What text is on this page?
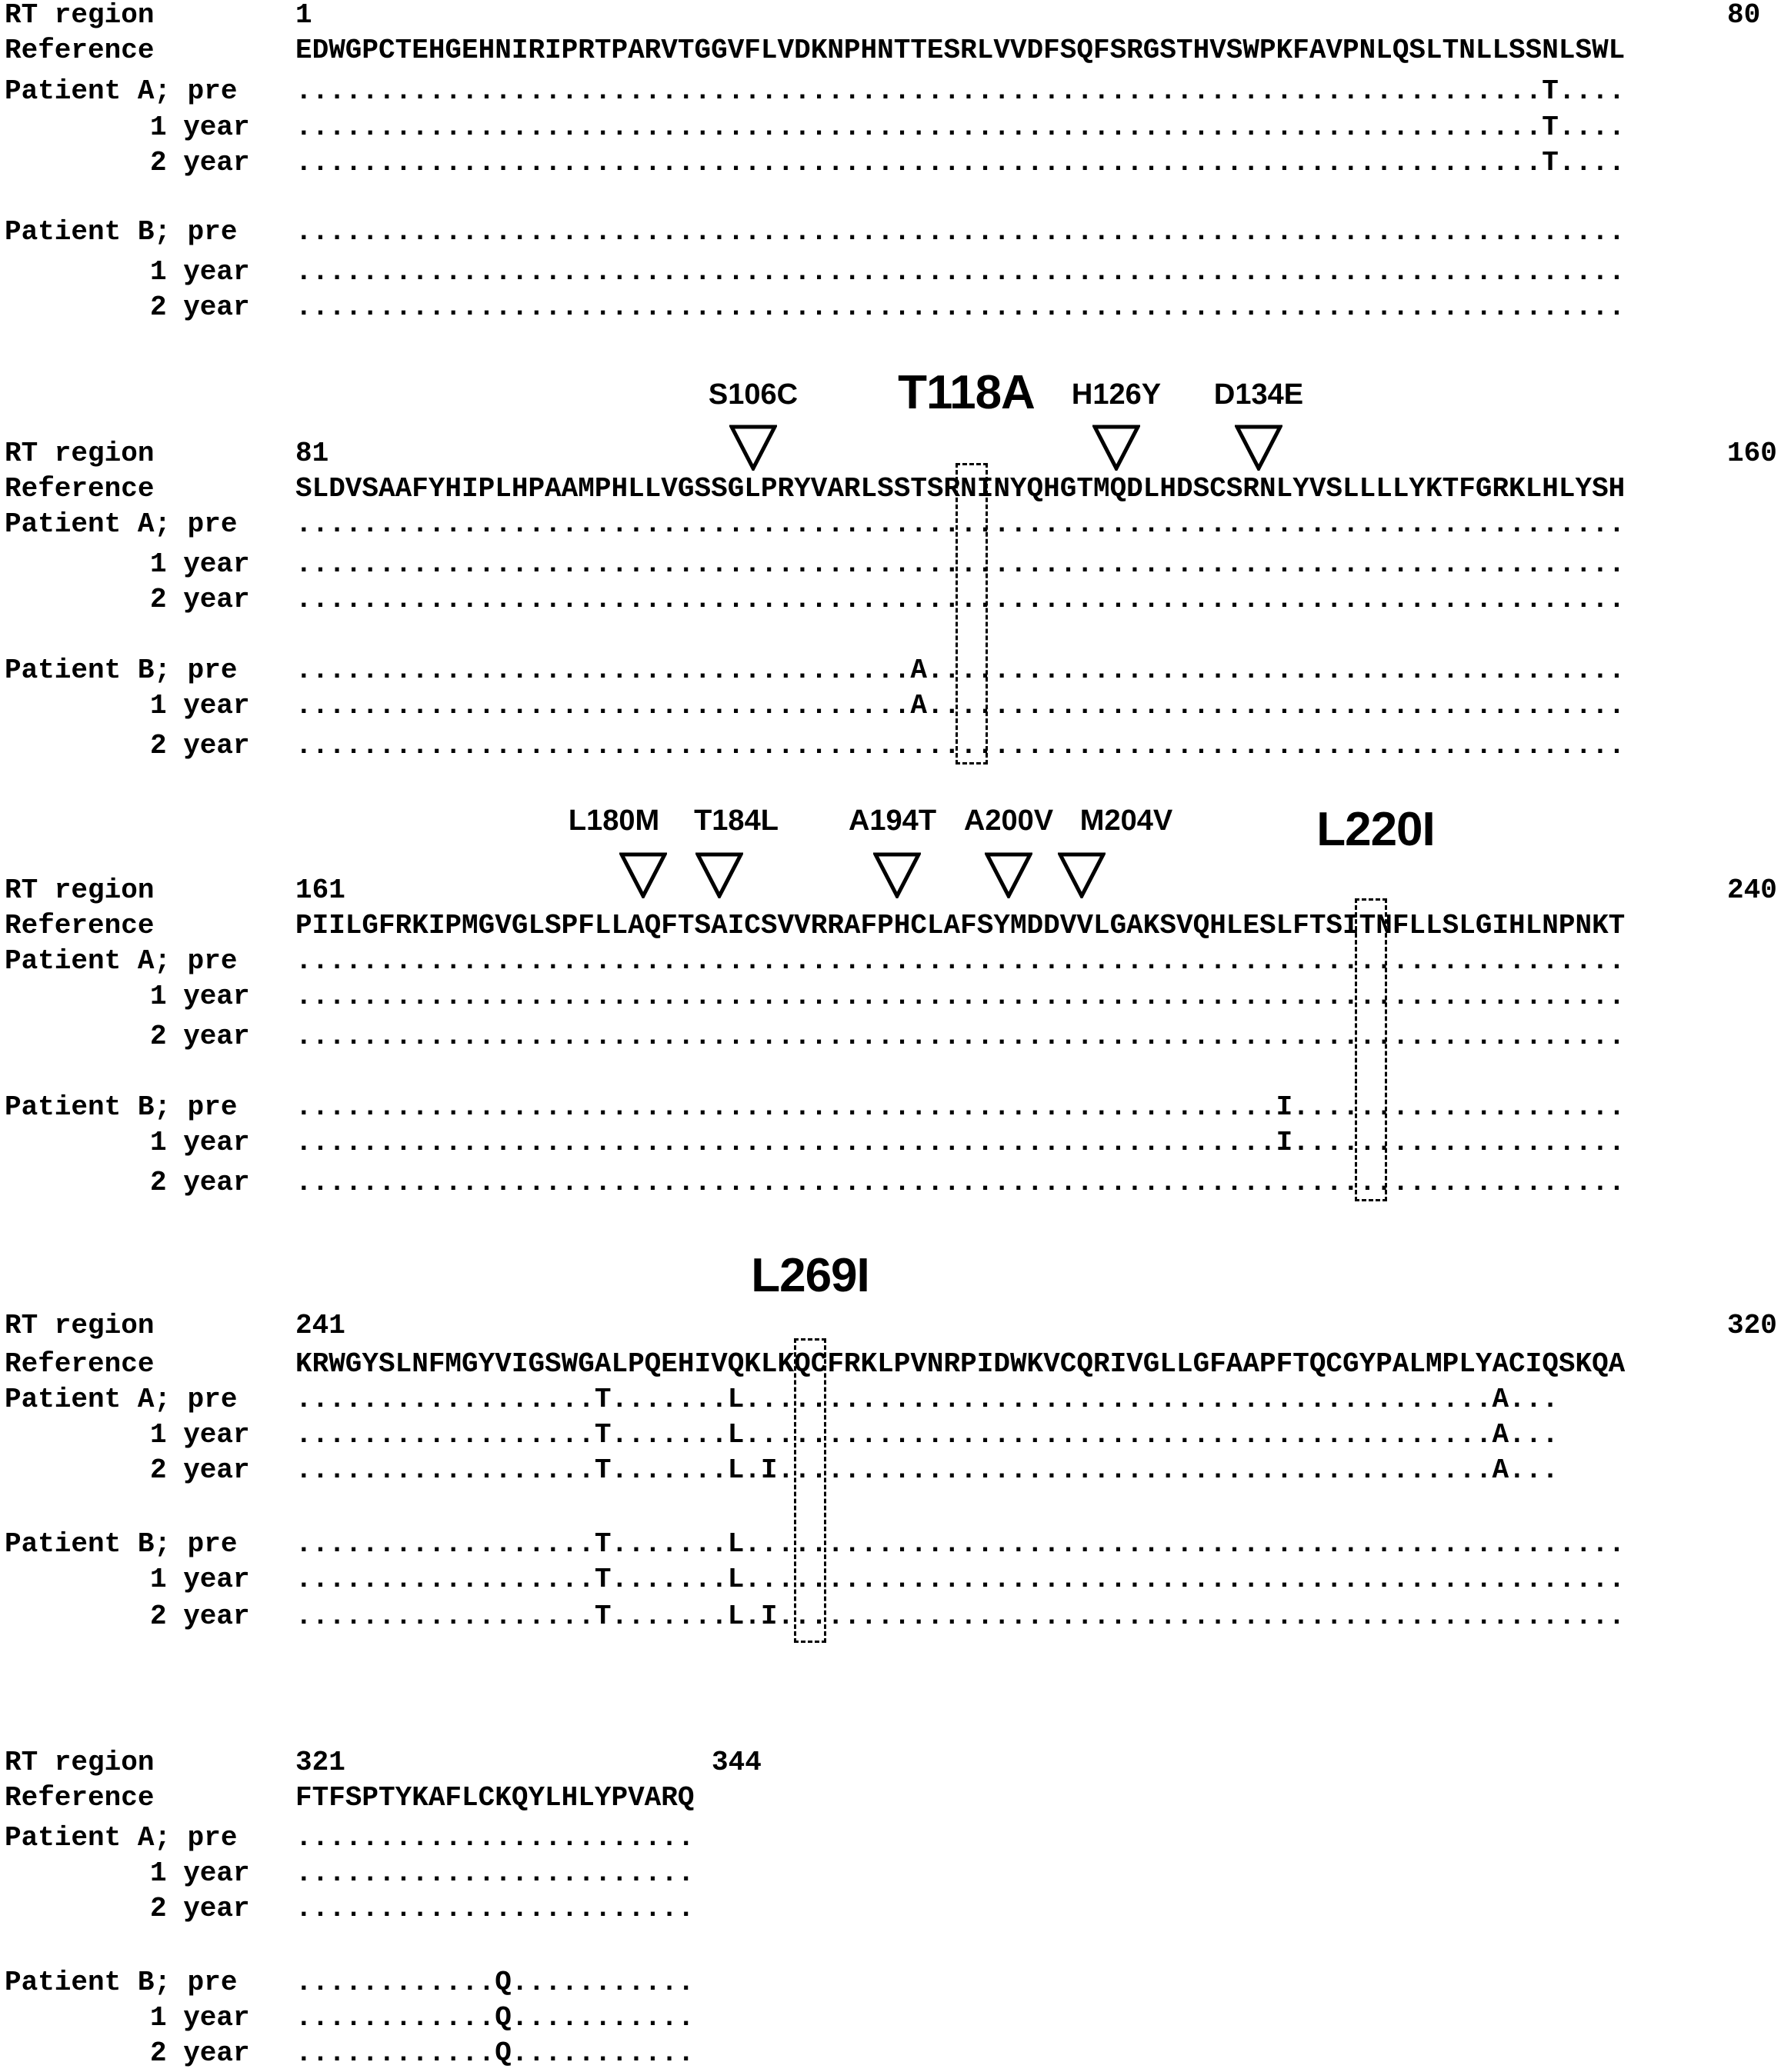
RT region	1	80
Reference	EDWGPCTEHGEHNIRIPRTPARVTGGVFLVDKNPHNTTESRLVVDFSQFSRGSTHVSWPKFAVPNLQSLTNLLSSNLSWL
Patient A; pre ...........................................................................T....
1 year ...........................................................................T....
2 year ...........................................................................T....
Patient B; pre ................................................................................
1 year ................................................................................
2 year ................................................................................
S106C T118A H126Y D134E
RT region	81	160
Reference	SLDVSAAFYHIPLHPAAMPHLLVGSSGLPRYVARLSSTSRNINYQHGTMQDLHDSCSRNLYVSLLLLYKTFGRKLHLYSH
Patient A; pre ................................................................................
1 year ................................................................................
2 year ................................................................................
Patient B; pre .....................................A..........................................
1 year .....................................A..........................................
2 year ................................................................................
L180M T184L A194T A200V M204V	L220I
RT region	161	240
Reference	PIILGFRKIPMGVGLSPFLLAQFTSAICSVVRRAFPHCLAFSYMDDVVLGAKSVQHLESLFTSITNFLLSLGIHLNPNKT
Patient A; pre ................................................................................
1 year ................................................................................
2 year ................................................................................
Patient B; pre ...........................................................I....................
1 year ...........................................................I....................
2 year ................................................................................
L269I
RT region	241	320
Reference	KRWGYSLNFMGYVIGSWGALPQEHIVQKLKQCFRKLPVNRPIDWKVCQRIVGLLGFAAPFTQCGYPALMPLYACIQSKQA
Patient A; pre ..................T.......L.............................................A...
1 year ..................T.......L.............................................A...
2 year ..................T.......L.I...........................................A...
Patient B; pre ..................T.......L.....................................................
1 year ..................T.......L.....................................................
2 year ..................T.......L.I...................................................
RT region	321	344
Reference	FTFSPTYKAFLCKQYLHLYPVARQ
Patient A; pre ........................
1 year ........................
2 year ........................
Patient B; pre ............Q...........
1 year ............Q...........
2 year ............Q...........
